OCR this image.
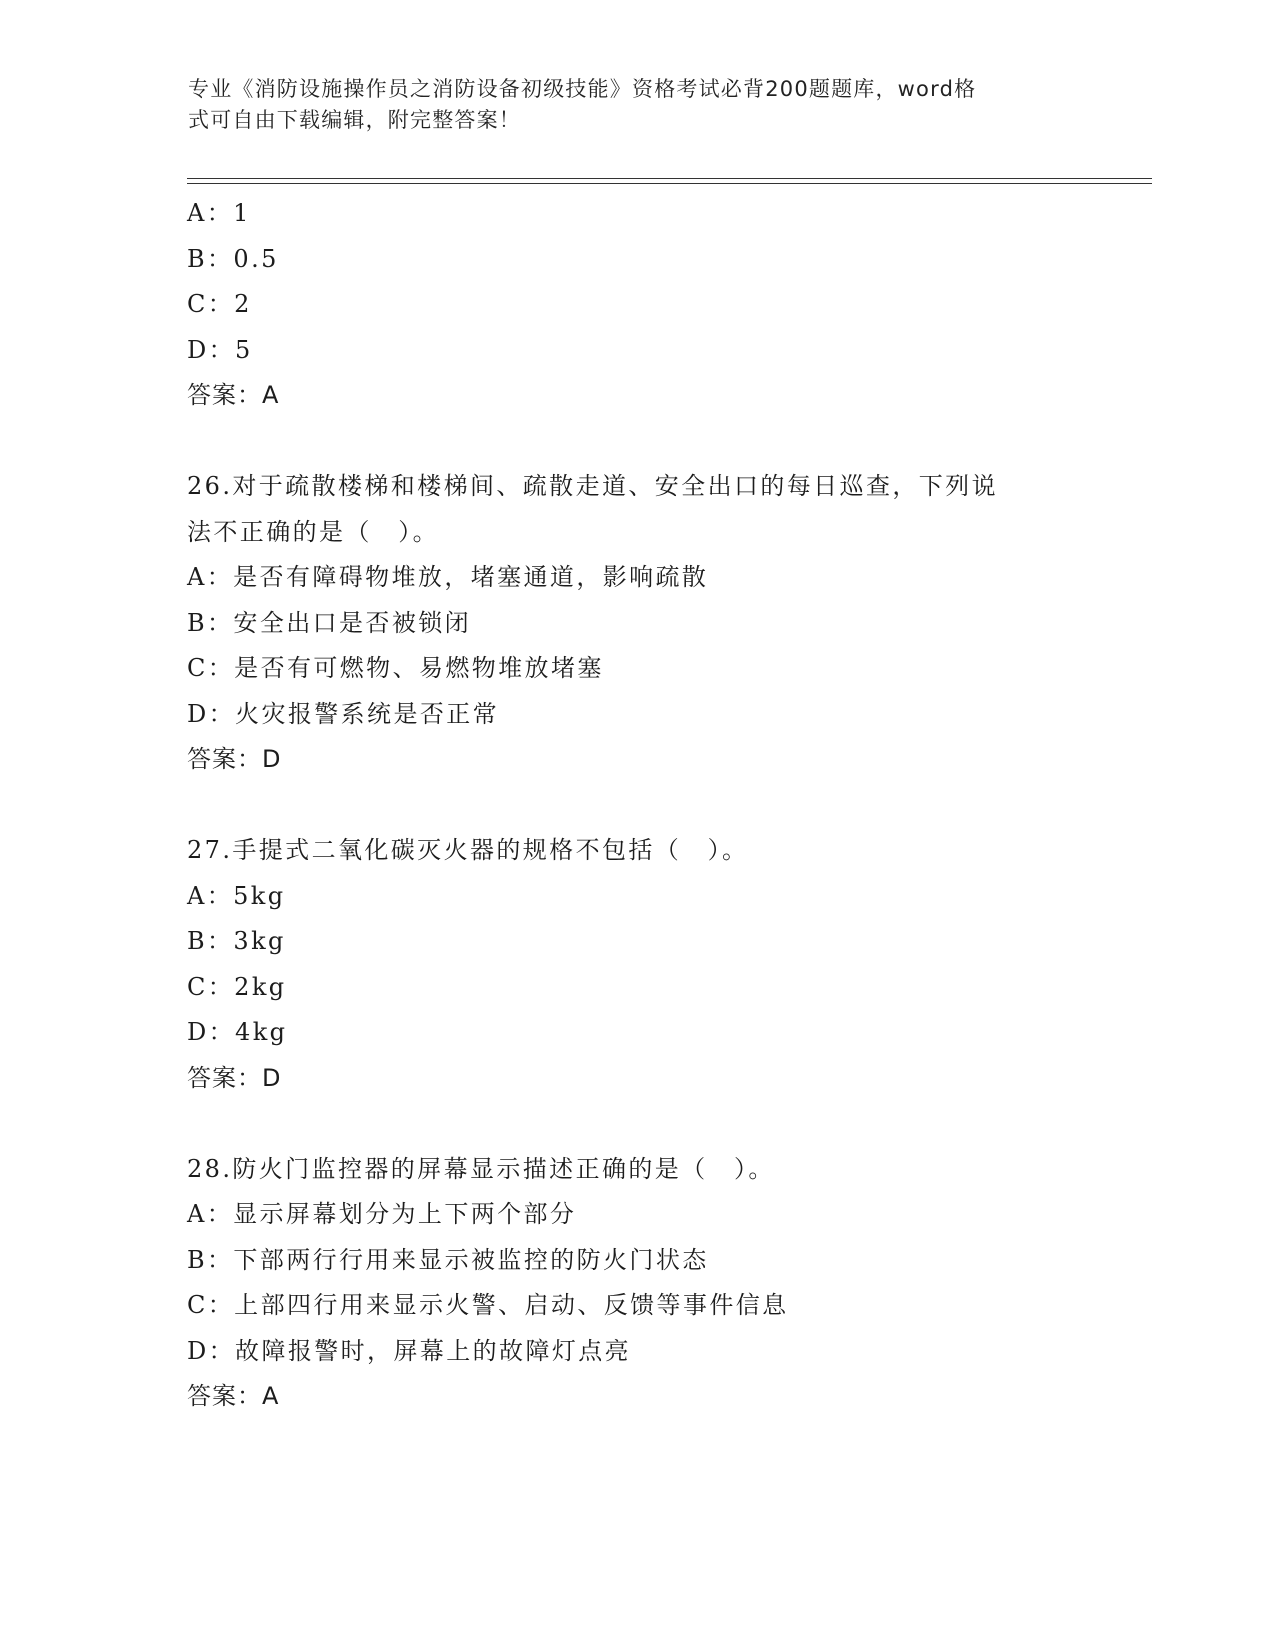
专业《消防设施操作员之消防设备初级技能》资格考试必背200题题库，word格
式可自由下载编辑，附完整答案！
A：1
B：0.5
C：2
D：5
答案：A
26.对于疏散楼梯和楼梯间、疏散走道、安全出口的每日巡查，下列说
法不正确的是（　）。
A：是否有障碍物堆放，堵塞通道，影响疏散
B：安全出口是否被锁闭
C：是否有可燃物、易燃物堆放堵塞
D：火灾报警系统是否正常
答案：D
27.手提式二氧化碳灭火器的规格不包括（　）。
A：5kg
B：3kg
C：2kg
D：4kg
答案：D
28.防火门监控器的屏幕显示描述正确的是（　）。
A：显示屏幕划分为上下两个部分
B：下部两行行用来显示被监控的防火门状态
C：上部四行用来显示火警、启动、反馈等事件信息
D：故障报警时，屏幕上的故障灯点亮
答案：A
